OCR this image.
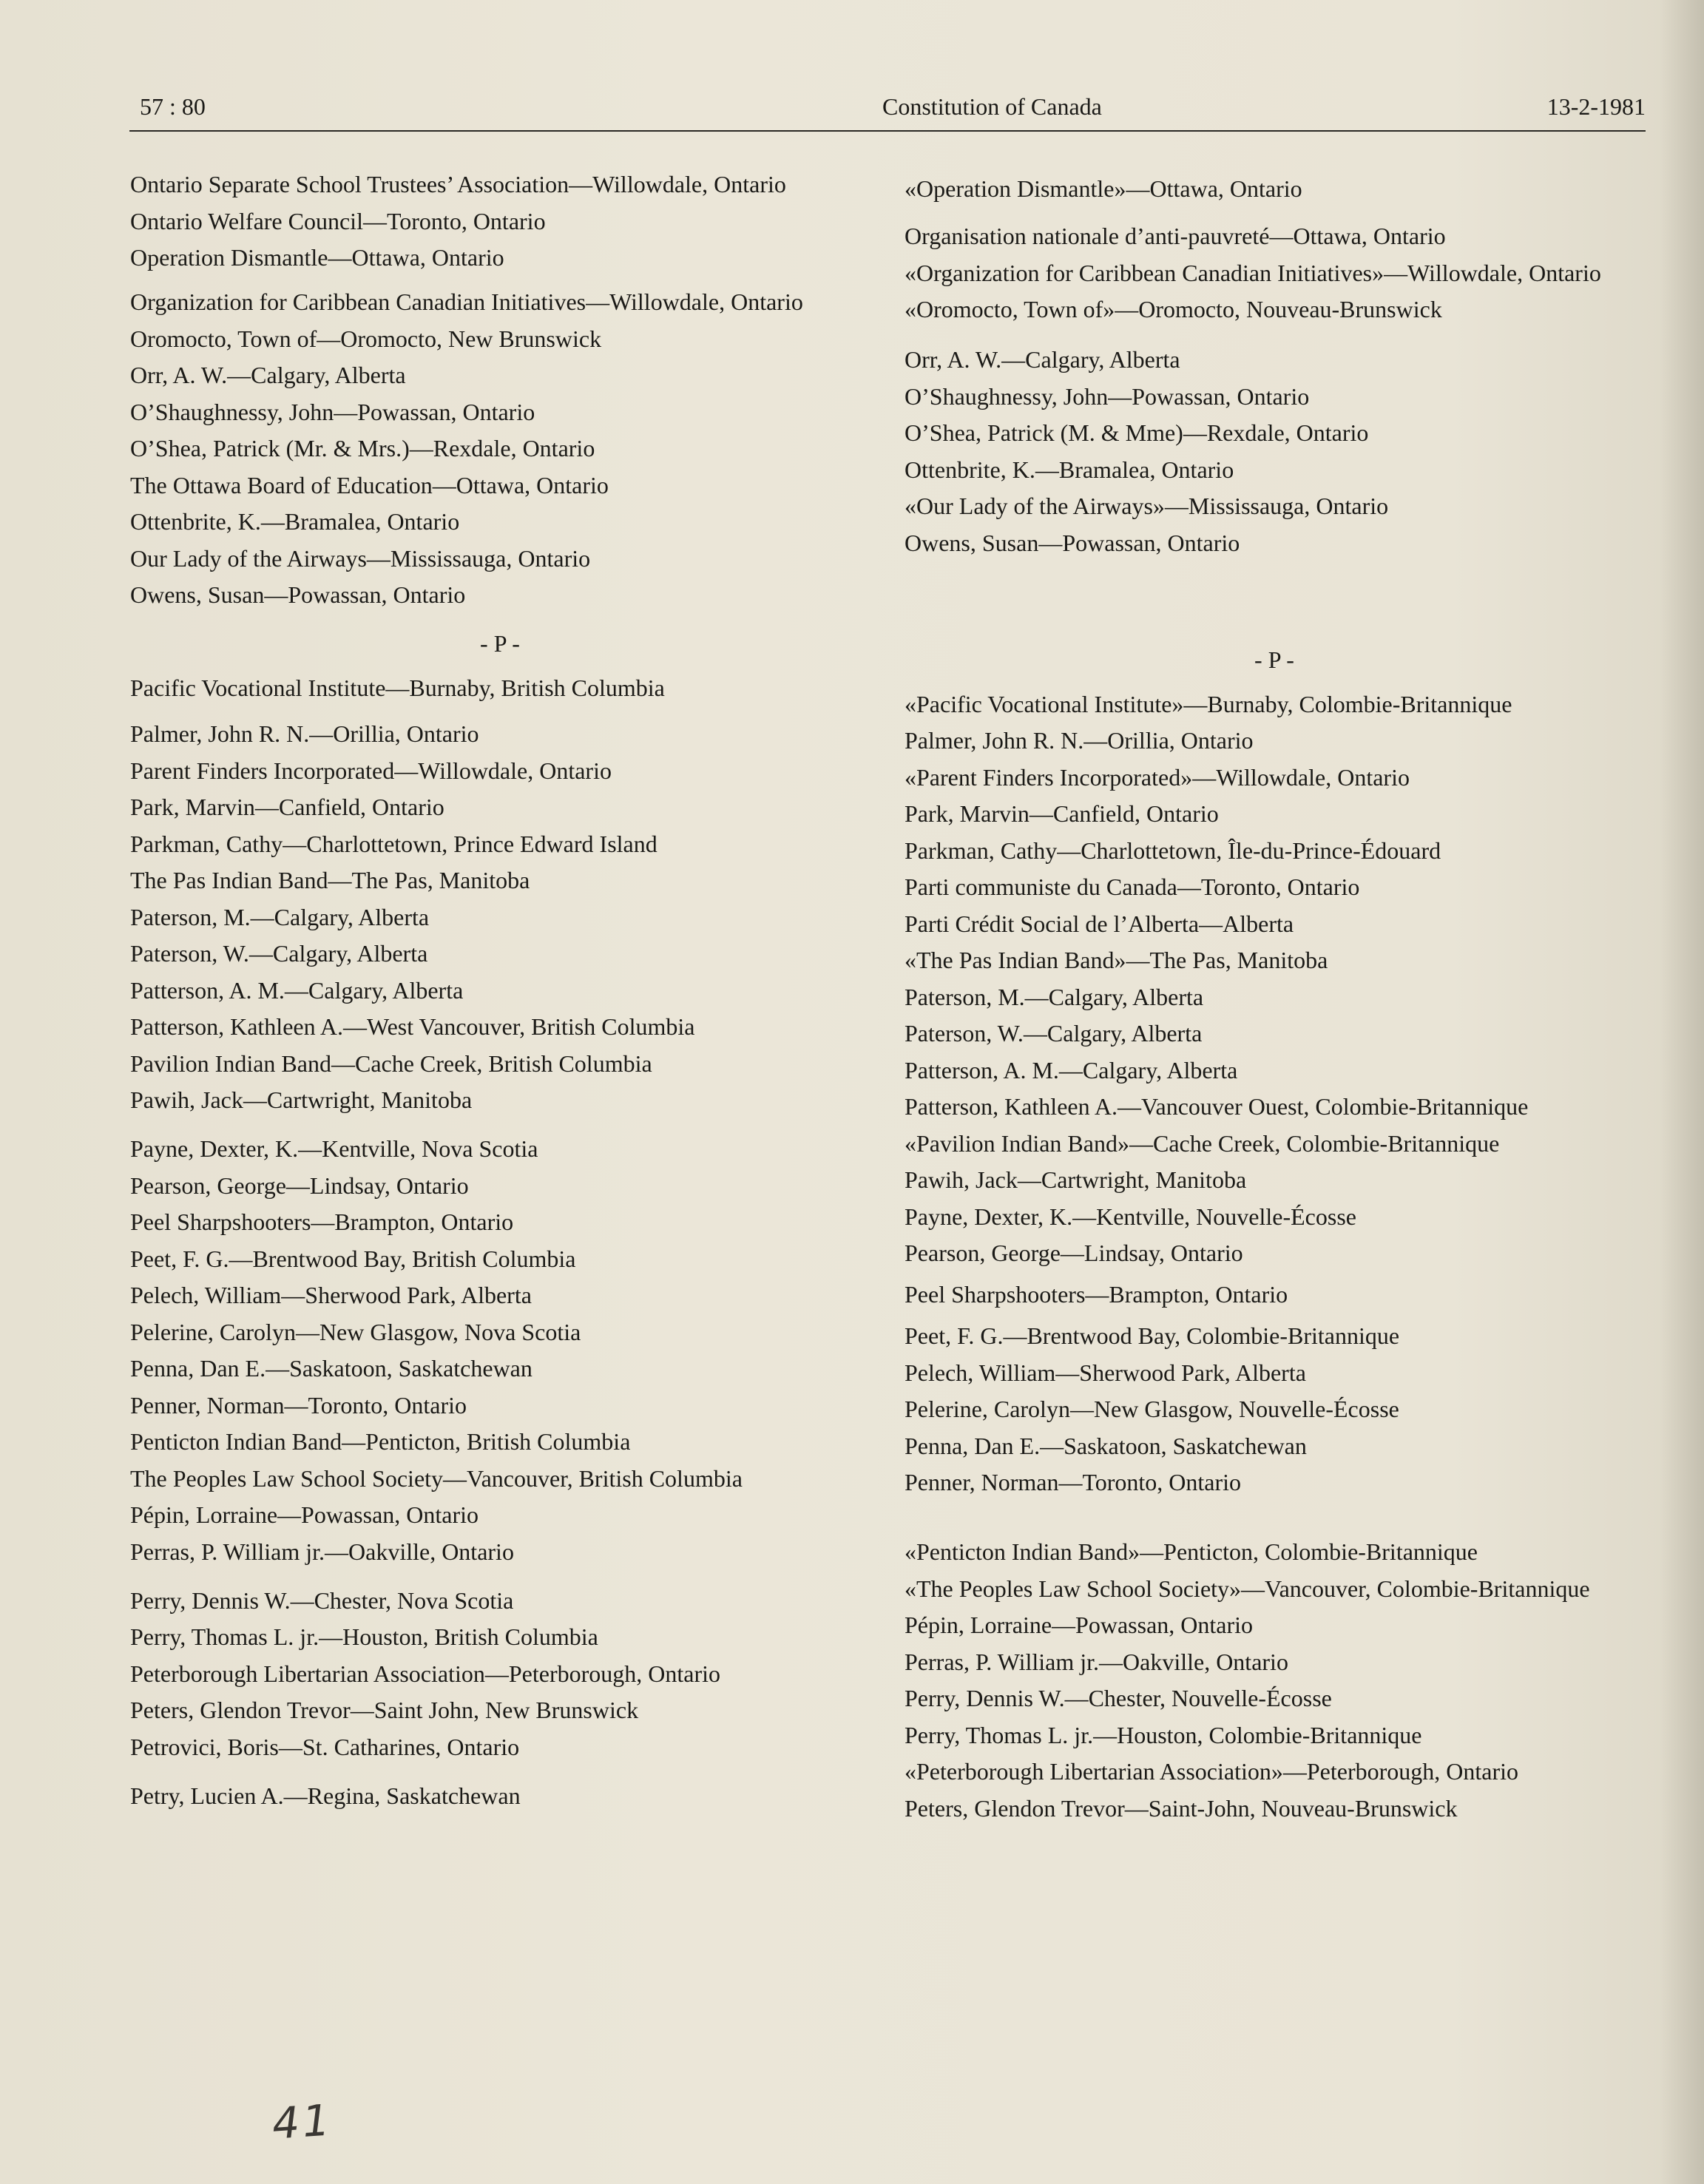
57 : 80	Constitution of Canada	13-2-1981
Ontario Separate School Trustees’ Association—Willowdale, Ontario
Ontario Welfare Council—Toronto, Ontario
Operation Dismantle—Ottawa, Ontario
Organization for Caribbean Canadian Initiatives—Willowdale, Ontario
Oromocto, Town of—Oromocto, New Brunswick
Orr, A. W.—Calgary, Alberta
O’Shaughnessy, John—Powassan, Ontario
O’Shea, Patrick (Mr. & Mrs.)—Rexdale, Ontario
The Ottawa Board of Education—Ottawa, Ontario
Ottenbrite, K.—Bramalea, Ontario
Our Lady of the Airways—Mississauga, Ontario
Owens, Susan—Powassan, Ontario
- P -
Pacific Vocational Institute—Burnaby, British Columbia
Palmer, John R. N.—Orillia, Ontario
Parent Finders Incorporated—Willowdale, Ontario
Park, Marvin—Canfield, Ontario
Parkman, Cathy—Charlottetown, Prince Edward Island
The Pas Indian Band—The Pas, Manitoba
Paterson, M.—Calgary, Alberta
Paterson, W.—Calgary, Alberta
Patterson, A. M.—Calgary, Alberta
Patterson, Kathleen A.—West Vancouver, British Columbia
Pavilion Indian Band—Cache Creek, British Columbia
Pawih, Jack—Cartwright, Manitoba
Payne, Dexter, K.—Kentville, Nova Scotia
Pearson, George—Lindsay, Ontario
Peel Sharpshooters—Brampton, Ontario
Peet, F. G.—Brentwood Bay, British Columbia
Pelech, William—Sherwood Park, Alberta
Pelerine, Carolyn—New Glasgow, Nova Scotia
Penna, Dan E.—Saskatoon, Saskatchewan
Penner, Norman—Toronto, Ontario
Penticton Indian Band—Penticton, British Columbia
The Peoples Law School Society—Vancouver, British Columbia
Pépin, Lorraine—Powassan, Ontario
Perras, P. William jr.—Oakville, Ontario
Perry, Dennis W.—Chester, Nova Scotia
Perry, Thomas L. jr.—Houston, British Columbia
Peterborough Libertarian Association—Peterborough, Ontario
Peters, Glendon Trevor—Saint John, New Brunswick
Petrovici, Boris—St. Catharines, Ontario
Petry, Lucien A.—Regina, Saskatchewan
«Operation Dismantle»—Ottawa, Ontario
Organisation nationale d’anti-pauvreté—Ottawa, Ontario
«Organization for Caribbean Canadian Initiatives»—Willowdale, Ontario
«Oromocto, Town of»—Oromocto, Nouveau-Brunswick
Orr, A. W.—Calgary, Alberta
O’Shaughnessy, John—Powassan, Ontario
O’Shea, Patrick (M. & Mme)—Rexdale, Ontario
Ottenbrite, K.—Bramalea, Ontario
«Our Lady of the Airways»—Mississauga, Ontario
Owens, Susan—Powassan, Ontario
- P -
«Pacific Vocational Institute»—Burnaby, Colombie-Britannique
Palmer, John R. N.—Orillia, Ontario
«Parent Finders Incorporated»—Willowdale, Ontario
Park, Marvin—Canfield, Ontario
Parkman, Cathy—Charlottetown, Île-du-Prince-Édouard
Parti communiste du Canada—Toronto, Ontario
Parti Crédit Social de l’Alberta—Alberta
«The Pas Indian Band»—The Pas, Manitoba
Paterson, M.—Calgary, Alberta
Paterson, W.—Calgary, Alberta
Patterson, A. M.—Calgary, Alberta
Patterson, Kathleen A.—Vancouver Ouest, Colombie-Britannique
«Pavilion Indian Band»—Cache Creek, Colombie-Britannique
Pawih, Jack—Cartwright, Manitoba
Payne, Dexter, K.—Kentville, Nouvelle-Écosse
Pearson, George—Lindsay, Ontario
Peel Sharpshooters—Brampton, Ontario
Peet, F. G.—Brentwood Bay, Colombie-Britannique
Pelech, William—Sherwood Park, Alberta
Pelerine, Carolyn—New Glasgow, Nouvelle-Écosse
Penna, Dan E.—Saskatoon, Saskatchewan
Penner, Norman—Toronto, Ontario
«Penticton Indian Band»—Penticton, Colombie-Britannique
«The Peoples Law School Society»—Vancouver, Colombie-Britannique
Pépin, Lorraine—Powassan, Ontario
Perras, P. William jr.—Oakville, Ontario
Perry, Dennis W.—Chester, Nouvelle-Écosse
Perry, Thomas L. jr.—Houston, Colombie-Britannique
«Peterborough Libertarian Association»—Peterborough, Ontario
Peters, Glendon Trevor—Saint-John, Nouveau-Brunswick
41
